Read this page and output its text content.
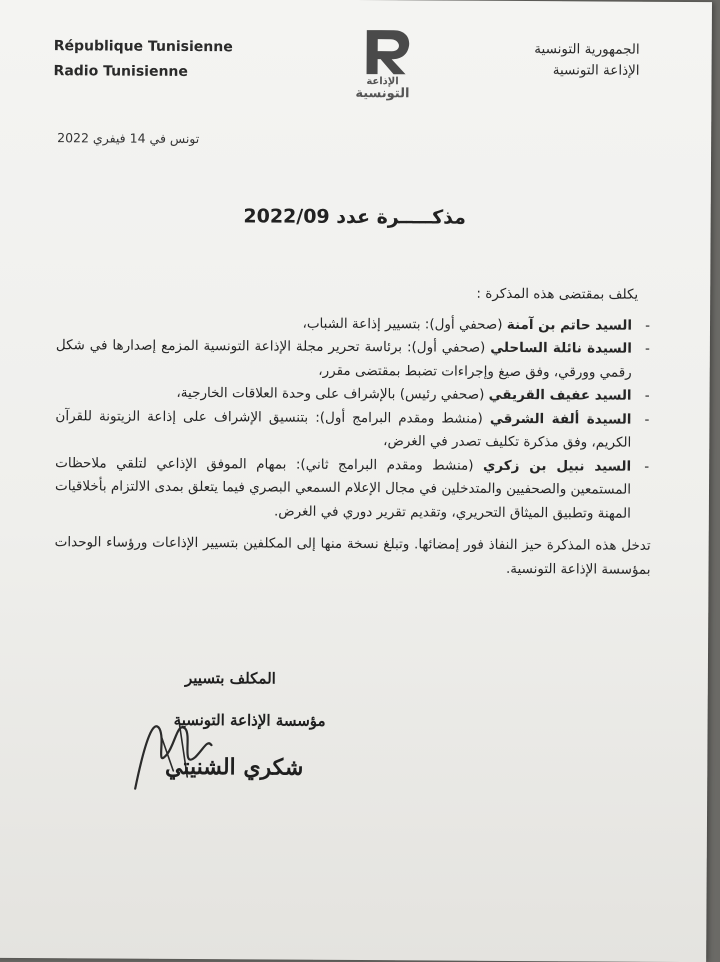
République Tunisienne
Radio Tunisienne
الإذاعة
التونسية
الجمهورية التونسية
الإذاعة التونسية
تونس في 14 فيفري 2022
مذكـــــرة عدد 2022/09
يكلف بمقتضى هذه المذكرة :
-
السيد حاتم بن آمنة (صحفي أول): بتسيير إذاعة الشباب،
-
السيدة نائلة الساحلي (صحفي أول): برئاسة تحرير مجلة الإذاعة التونسية المزمع إصدارها في شكل رقمي وورقي، وفق صيغ وإجراءات تضبط بمقتضى مقرر،
-
السيد عفيف القريقي (صحفي رئيس) بالإشراف على وحدة العلاقات الخارجية،
-
السيدة ألفة الشرقي (منشط ومقدم البرامج أول): بتنسيق الإشراف على إذاعة الزيتونة للقرآن الكريم، وفق مذكرة تكليف تصدر في الغرض،
-
السيد نبيل بن زكري (منشط ومقدم البرامج ثاني): بمهام الموفق الإذاعي لتلقي ملاحظات المستمعين والصحفيين والمتدخلين في مجال الإعلام السمعي البصري فيما يتعلق بمدى الالتزام بأخلاقيات المهنة وتطبيق الميثاق التحريري، وتقديم تقرير دوري في الغرض.
تدخل هذه المذكرة حيز النفاذ فور إمضائها. وتبلغ نسخة منها إلى المكلفين بتسيير الإذاعات ورؤساء الوحدات بمؤسسة الإذاعة التونسية.
المكلف بتسيير
مؤسسة الإذاعة التونسية
شكري الشنيتي
